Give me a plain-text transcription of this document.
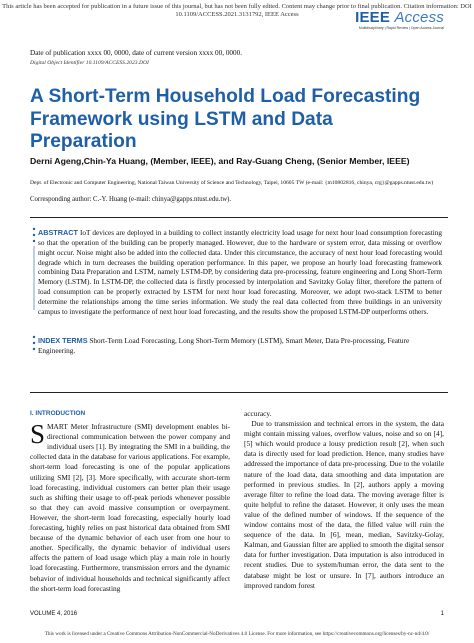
This article has been accepted for publication in a future issue of this journal, but has not been fully edited. Content may change prior to final publication. Citation information: DOI
10.1109/ACCESS.2021.3131792, IEEE Access	IEEE Access
Multidisciplinary | Rapid Review | Open Access Journal
Date of publication xxxx 00, 0000, date of current version xxxx 00, 0000.
Digital Object Identifier 10.1109/ACCESS.2023.DOI
A Short-Term Household Load Forecasting Framework using LSTM and Data Preparation
Derni Ageng,Chin-Ya Huang, (Member, IEEE), and Ray-Guang Cheng, (Senior Member, IEEE)
Dept. of Electronic and Computer Engineering, National Taiwan University of Science and Technology, Taipei, 10605 TW (e-mail: {m10802816, chinya, crg}@gapps.ntust.edu.tw)
Corresponding author: C.-Y. Huang (e-mail: chinya@gapps.ntust.edu.tw).
ABSTRACT IoT devices are deployed in a building to collect instantly electricity load usage for next hour load consumption forecasting so that the operation of the building can be properly managed. However, due to the hardware or system error, data missing or overflow might occur. Noise might also be added into the collected data. Under this circumstance, the accuracy of next hour load forecasting would degrade which in turn decreases the building operation performance. In this paper, we propose an hourly load forecasting framework combining Data Preparation and LSTM, namely LSTM-DP, by considering data pre-processing, feature engineering and Long Short-Term Memory (LSTM). In LSTM-DP, the collected data is firstly processed by interpolation and Savitzky Golay filter, therefore the pattern of load consumption can be properly extracted by LSTM for next hour load forecasting. Moreover, we adopt two-stack LSTM to better determine the relationships among the time series information. We study the real data collected from three buildings in an university campus to investigate the performance of next hour load forecasting, and the results show the proposed LSTM-DP outperforms others.
INDEX TERMS Short-Term Load Forecasting, Long Short-Term Memory (LSTM), Smart Meter, Data Pre-processing, Feature Engineering.
I. INTRODUCTION
S MART Meter Infrastructure (SMI) development enables bi-directional communication between the power company and individual users [1]. By integrating the SMI in a building, the collected data in the database for various applications. For example, short-term load forecasting is one of the popular applications utilizing SMI [2], [3]. More specifically, with accurate short-term load forecasting, individual customers can better plan their usage such as shifting their usage to off-peak periods whenever possible so that they can avoid massive consumption or overpayment. However, the short-term load forecasting, especially hourly load forecasting, highly relies on past historical data obtained from SMI because of the dynamic behavior of each user from one hour to another. Specifically, the dynamic behavior of individual users affects the pattern of load usage which play a main role in hourly load forecasting. Furthermore, transmission errors and the dynamic behavior of individual households and technical significantly affect the short-term load forecasting
accuracy.
 Due to transmission and technical errors in the system, the data might contain missing values, overflow values, noise and so on [4], [5] which would produce a lousy prediction result [2], when such data is directly used for load prediction. Hence, many studies have addressed the importance of data pre-processing. Due to the volatile nature of the load data, data smoothing and data imputation are performed in previous studies. In [2], authors apply a moving average filter to refine the load data. The moving average filter is quite helpful to refine the dataset. However, it only uses the mean value of the defined number of windows. If the sequence of the window contains most of the data, the filled value will ruin the sequence of the data. In [6], mean, median, Savitzky-Golay, Kalman, and Gaussian filter are applied to smooth the digital sensor data for further investigation. Data imputation is also introduced in recent studies. Due to system/human error, the data sent to the database might be lost or unsure. In [7], authors introduce an improved random forest
VOLUME 4, 2016	1
This work is licensed under a Creative Commons Attribution-NonCommercial-NoDerivatives 4.0 License. For more information, see https://creativecommons.org/licenses/by-nc-nd/4.0/
